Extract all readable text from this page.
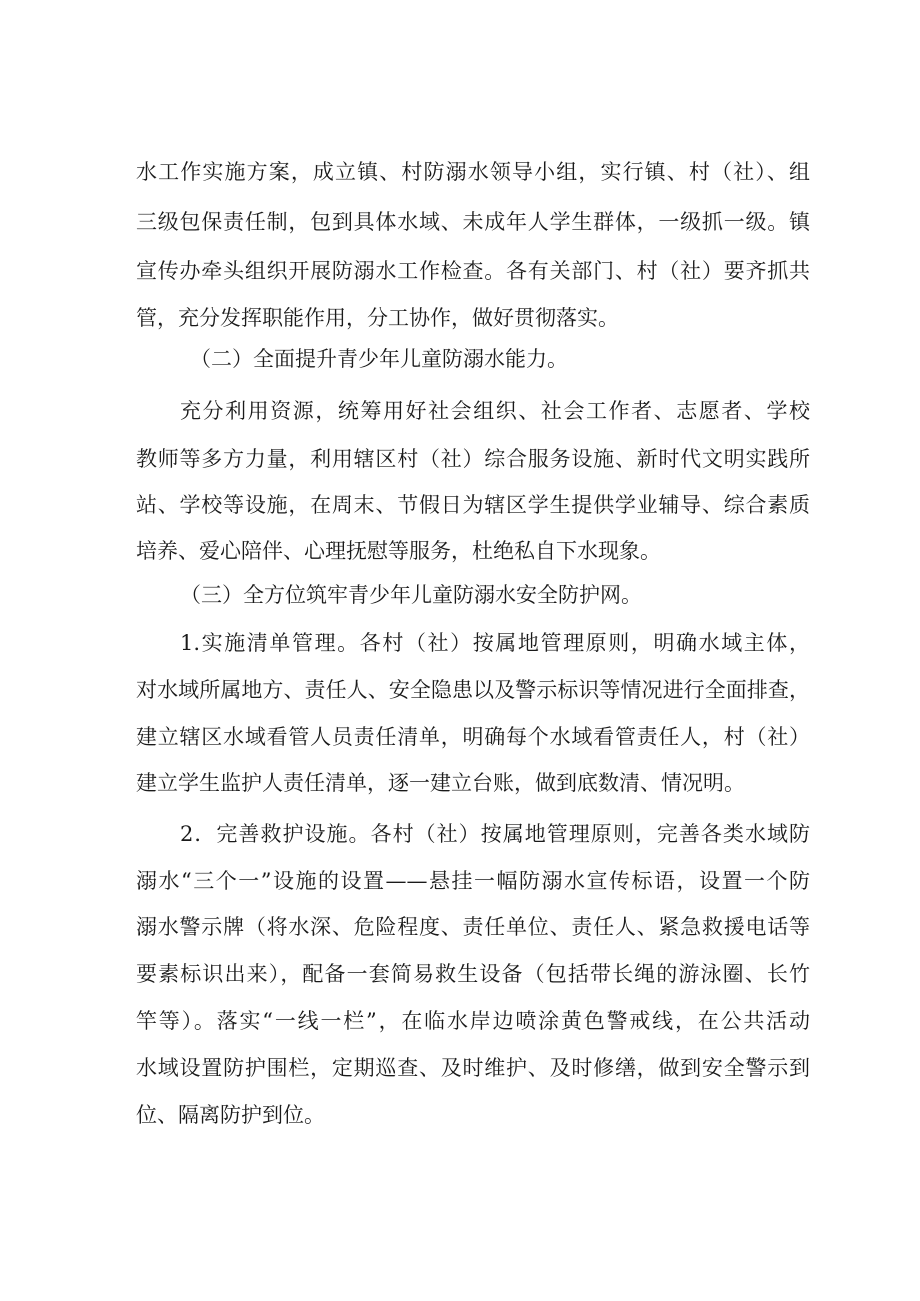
水工作实施方案，成立镇、村防溺水领导小组，实行镇、村（社）、组
三级包保责任制，包到具体水域、未成年人学生群体，一级抓一级。镇
宣传办牵头组织开展防溺水工作检查。各有关部门、村（社）要齐抓共
管，充分发挥职能作用，分工协作，做好贯彻落实。
（二）全面提升青少年儿童防溺水能力。
充分利用资源，统筹用好社会组织、社会工作者、志愿者、学校
教师等多方力量，利用辖区村（社）综合服务设施、新时代文明实践所
站、学校等设施，在周末、节假日为辖区学生提供学业辅导、综合素质
培养、爱心陪伴、心理抚慰等服务，杜绝私自下水现象。
（三）全方位筑牢青少年儿童防溺水安全防护网。
1.实施清单管理。各村（社）按属地管理原则，明确水域主体，
对水域所属地方、责任人、安全隐患以及警示标识等情况进行全面排查，
建立辖区水域看管人员责任清单，明确每个水域看管责任人，村（社）
建立学生监护人责任清单，逐一建立台账，做到底数清、情况明。
2．完善救护设施。各村（社）按属地管理原则，完善各类水域防
溺水“三个一”设施的设置——悬挂一幅防溺水宣传标语，设置一个防
溺水警示牌（将水深、危险程度、责任单位、责任人、紧急救援电话等
要素标识出来），配备一套简易救生设备（包括带长绳的游泳圈、长竹
竿等）。落实“一线一栏”，在临水岸边喷涂黄色警戒线，在公共活动
水域设置防护围栏，定期巡查、及时维护、及时修缮，做到安全警示到
位、隔离防护到位。
